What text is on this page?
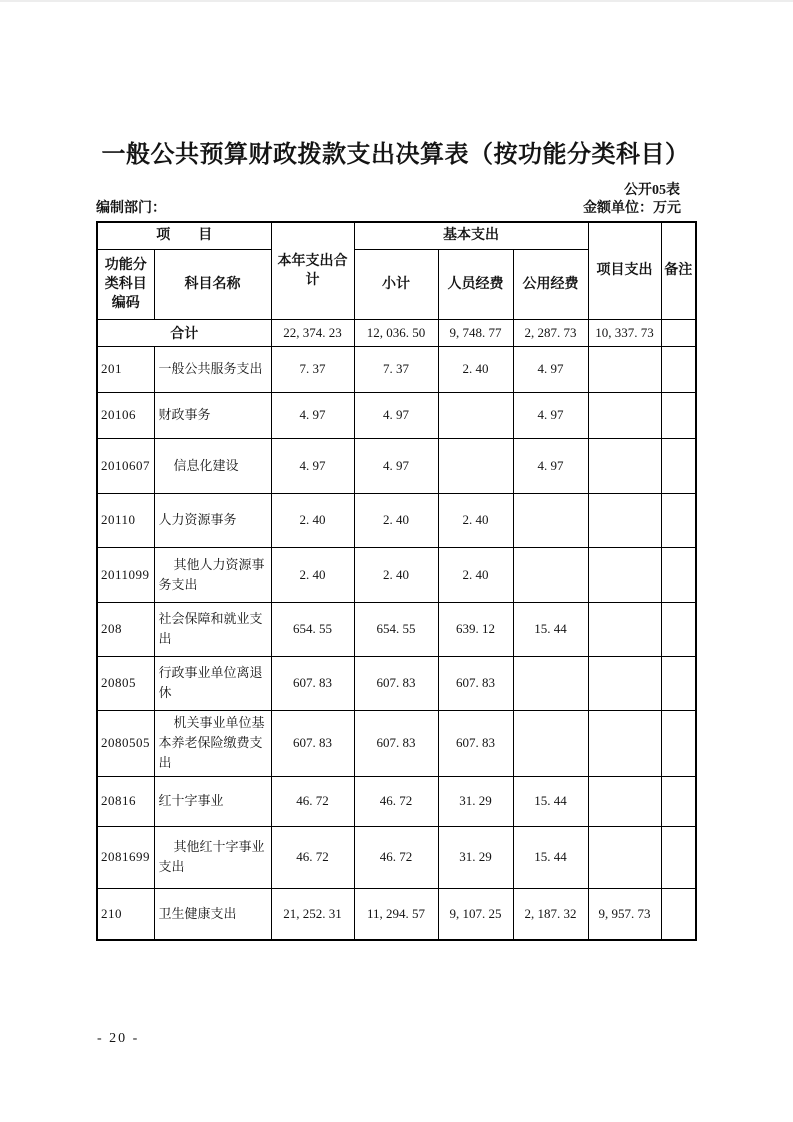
一般公共预算财政拨款支出决算表（按功能分类科目）
公开05表
编制部门：	金额单位：万元
项　　目		本年支出合计	基本支出			项目支出	备注
功能分类科目编码	科目名称		小计	人员经费	公用经费		
合计		22, 374. 23	12, 036. 50	9, 748. 77	2, 287. 73	10, 337. 73	
201	一般公共服务支出	7. 37	7. 37	2. 40	4. 97		
20106	财政事务	4. 97	4. 97		4. 97		
2010607	信息化建设	4. 97	4. 97		4. 97		
20110	人力资源事务	2. 40	2. 40	2. 40			
2011099	其他人力资源事务支出	2. 40	2. 40	2. 40			
208	社会保障和就业支出	654. 55	654. 55	639. 12	15. 44		
20805	行政事业单位离退休	607. 83	607. 83	607. 83			
2080505	机关事业单位基本养老保险缴费支出	607. 83	607. 83	607. 83			
20816	红十字事业	46. 72	46. 72	31. 29	15. 44		
2081699	其他红十字事业支出	46. 72	46. 72	31. 29	15. 44		
210	卫生健康支出	21, 252. 31	11, 294. 57	9, 107. 25	2, 187. 32	9, 957. 73	
- 20 -
